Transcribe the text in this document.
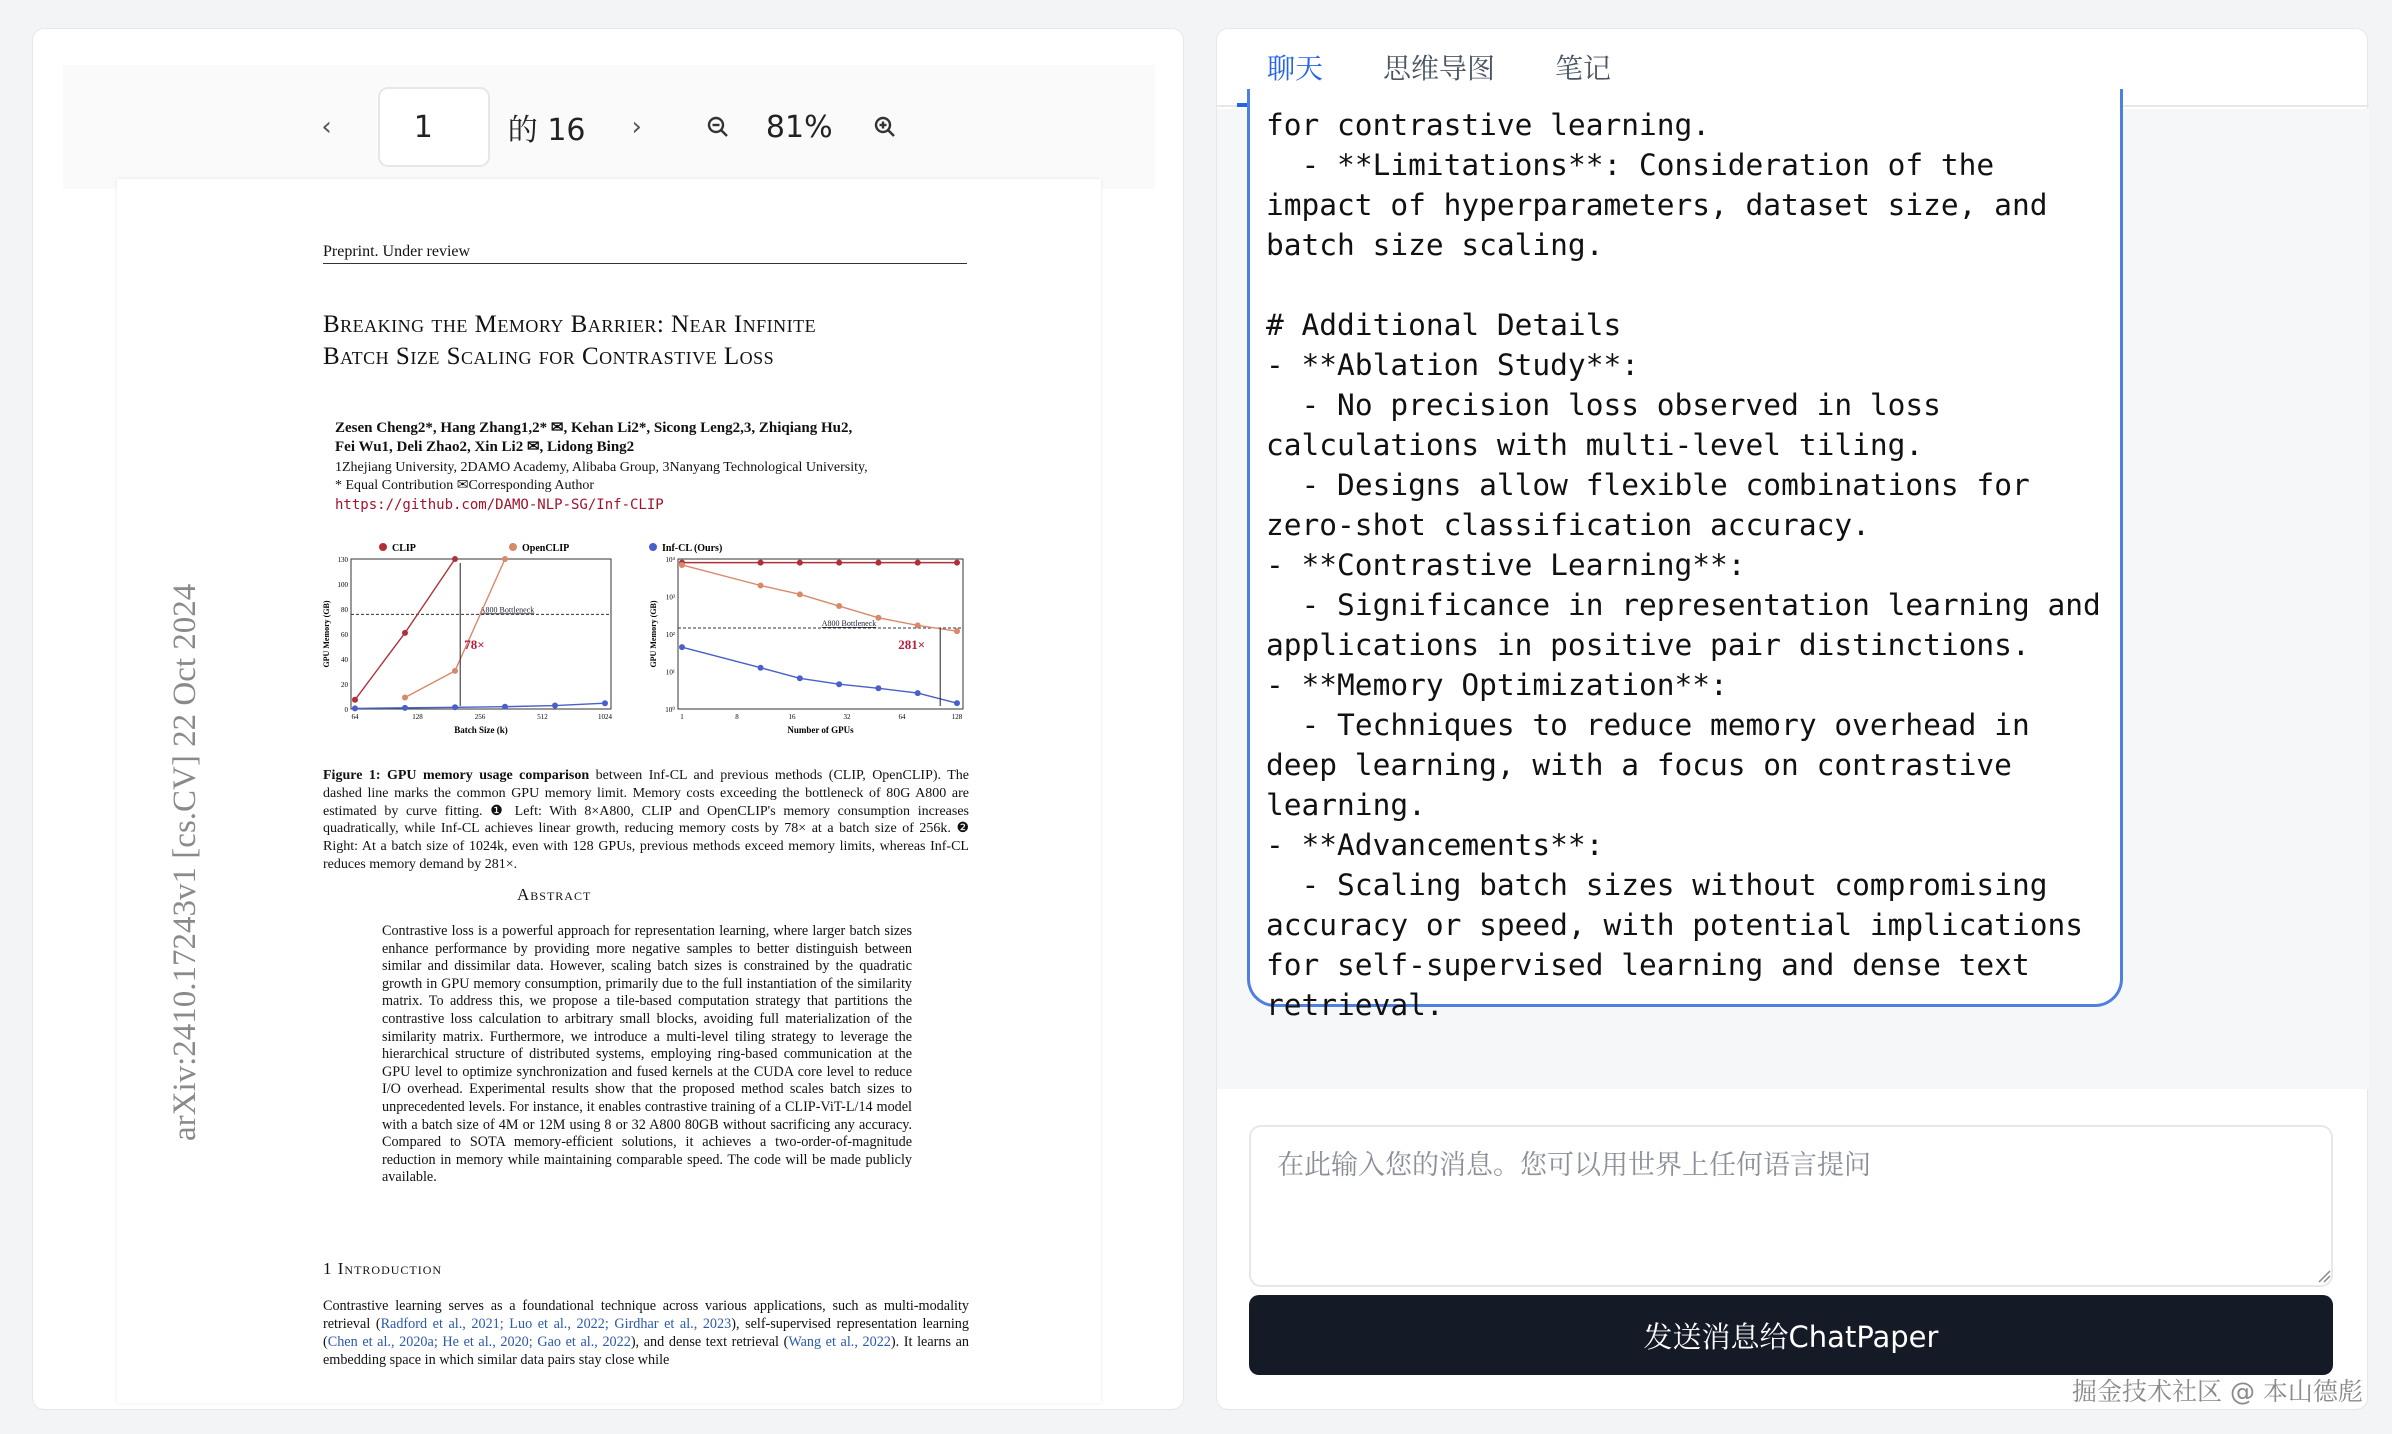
‹
1	的 16 ›	81%
arXiv:2410.17243v1 [cs.CV] 22 Oct 2024
Preprint. Under review
Breaking the Memory Barrier: Near Infinite
Batch Size Scaling for Contrastive Loss
Zesen Cheng2*, Hang Zhang1,2* ✉, Kehan Li2*, Sicong Leng2,3, Zhiqiang Hu2,
Fei Wu1, Deli Zhao2, Xin Li2 ✉, Lidong Bing2
1Zhejiang University, 2DAMO Academy, Alibaba Group, 3Nanyang Technological University,
* Equal Contribution ✉Corresponding Author
https://github.com/DAMO-NLP-SG/Inf-CLIP
CLIP	OpenCLIP	Inf-CL (Ours)
A800 Bottleneck
Batch Size (k)
GPU Memory (GB)
64	128	256	512	1024
0
20
40
60
80
100
130
78×
A800 Bottleneck
Number of GPUs
GPU Memory (GB)
1	8	16	32	64	128
10⁰
10¹
10²
10³
10⁴
281×
Figure 1: GPU memory usage comparison between Inf-CL and previous methods (CLIP, OpenCLIP). The dashed line marks the common GPU memory limit. Memory costs exceeding the bottleneck of 80G A800 are estimated by curve fitting. ❶ Left: With 8×A800, CLIP and OpenCLIP's memory consumption increases quadratically, while Inf-CL achieves linear growth, reducing memory costs by 78× at a batch size of 256k. ❷ Right: At a batch size of 1024k, even with 128 GPUs, previous methods exceed memory limits, whereas Inf-CL reduces memory demand by 281×.
Abstract
Contrastive loss is a powerful approach for representation learning, where larger batch sizes enhance performance by providing more negative samples to better distinguish between similar and dissimilar data. However, scaling batch sizes is constrained by the quadratic growth in GPU memory consumption, primarily due to the full instantiation of the similarity matrix. To address this, we propose a tile-based computation strategy that partitions the contrastive loss calculation to arbitrary small blocks, avoiding full materialization of the similarity matrix. Furthermore, we introduce a multi-level tiling strategy to leverage the hierarchical structure of distributed systems, employing ring-based communication at the GPU level to optimize synchronization and fused kernels at the CUDA core level to reduce I/O overhead. Experimental results show that the proposed method scales batch sizes to unprecedented levels. For instance, it enables contrastive training of a CLIP-ViT-L/14 model with a batch size of 4M or 12M using 8 or 32 A800 80GB without sacrificing any accuracy. Compared to SOTA memory-efficient solutions, it achieves a two-order-of-magnitude reduction in memory while maintaining comparable speed. The code will be made publicly available.
1 Introduction
Contrastive learning serves as a foundational technique across various applications, such as multi-modality retrieval (Radford et al., 2021; Luo et al., 2022; Girdhar et al., 2023), self-supervised representation learning (Chen et al., 2020a; He et al., 2020; Gao et al., 2022), and dense text retrieval (Wang et al., 2022). It learns an embedding space in which similar data pairs stay close while
聊天	思维导图	笔记
for contrastive learning.
- **Limitations**: Consideration of the impact of hyperparameters, dataset size, and batch size scaling.

# Additional Details
- **Ablation Study**:
- No precision loss observed in loss calculations with multi-level tiling.
- Designs allow flexible combinations for zero-shot classification accuracy.
- **Contrastive Learning**:
- Significance in representation learning and applications in positive pair distinctions.
- **Memory Optimization**:
- Techniques to reduce memory overhead in deep learning, with a focus on contrastive learning.
- **Advancements**:
- Scaling batch sizes without compromising accuracy or speed, with potential implications for self-supervised learning and dense text retrieval.
在此输入您的消息。您可以用世界上任何语言提问
发送消息给ChatPaper
掘金技术社区 @ 本山德彪
